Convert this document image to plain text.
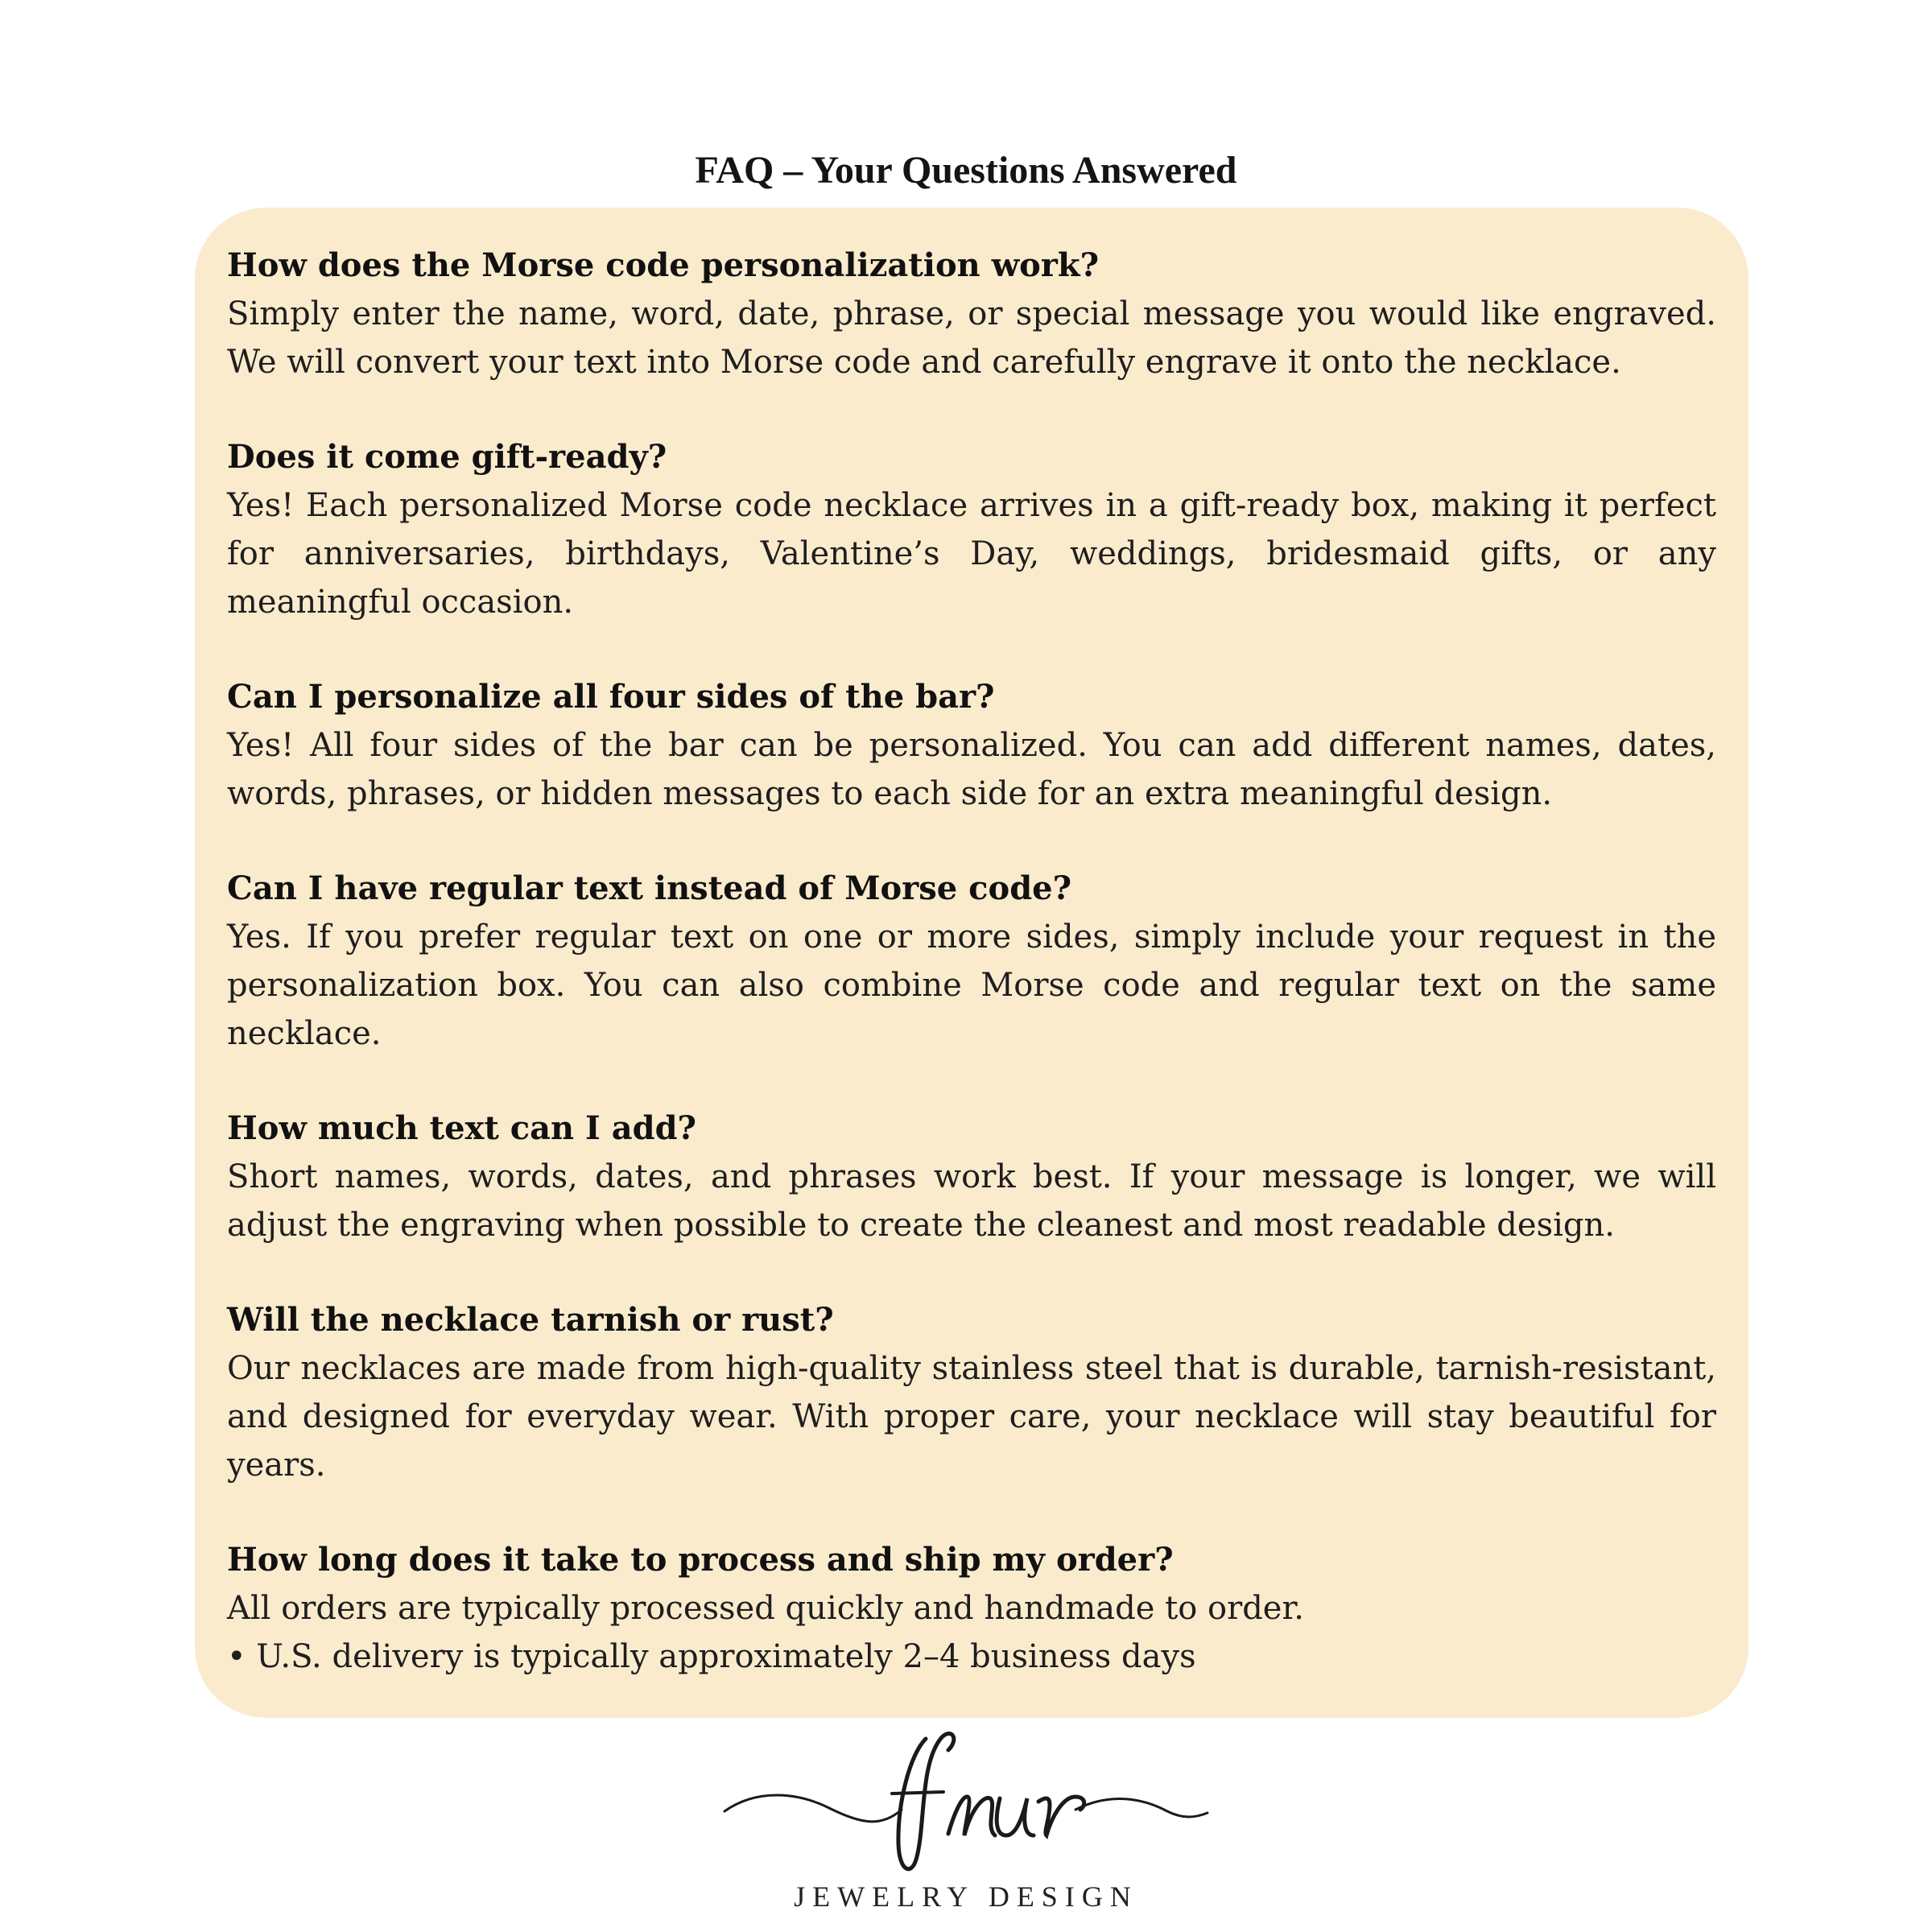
FAQ – Your Questions Answered

How does the Morse code personalization work?

Simply enter the name, word, date, phrase, or special message you would like engraved. We will convert your text into Morse code and carefully engrave it onto the necklace.

Does it come gift-ready?

Yes! Each personalized Morse code necklace arrives in a gift-ready box, making it perfect for anniversaries, birthdays, Valentine’s Day, weddings, bridesmaid gifts, or any meaningful occasion.

Can I personalize all four sides of the bar?

Yes! All four sides of the bar can be personalized. You can add different names, dates, words, phrases, or hidden messages to each side for an extra meaningful design.

Can I have regular text instead of Morse code?

Yes. If you prefer regular text on one or more sides, simply include your request in the personalization box. You can also combine Morse code and regular text on the same necklace.

How much text can I add?

Short names, words, dates, and phrases work best. If your message is longer, we will adjust the engraving when possible to create the cleanest and most readable design.

Will the necklace tarnish or rust?

Our necklaces are made from high-quality stainless steel that is durable, tarnish-resistant, and designed for everyday wear. With proper care, your necklace will stay beautiful for years.

How long does it take to process and ship my order?

All orders are typically processed quickly and handmade to order.

• U.S. delivery is typically approximately 2–4 business days

JEWELRY DESIGN
